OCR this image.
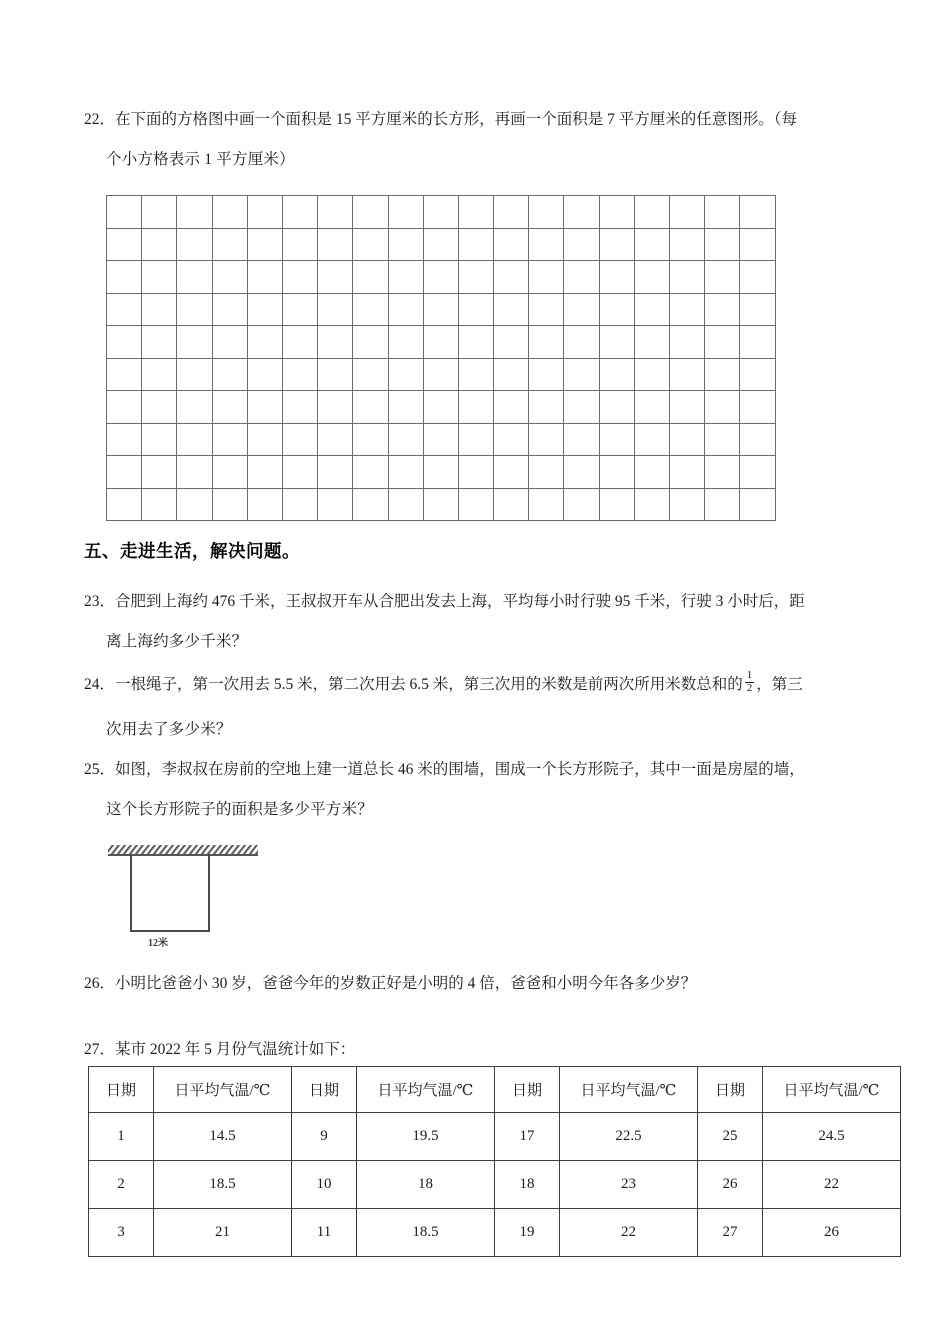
22．在下面的方格图中画一个面积是 15 平方厘米的长方形，再画一个面积是 7 平方厘米的任意图形。（每
个小方格表示 1 平方厘米）

五、走进生活，解决问题。
23．合肥到上海约 476 千米，王叔叔开车从合肥出发去上海，平均每小时行驶 95 千米，行驶 3 小时后，距
离上海约多少千米？
24．一根绳子，第一次用去 5.5 米，第二次用去 6.5 米，第三次用的米数是前两次所用米数总和的 $\frac{1}{2}$ ，第三
次用去了多少米？
25．如图，李叔叔在房前的空地上建一道总长 46 米的围墙，围成一个长方形院子，其中一面是房屋的墙，
这个长方形院子的面积是多少平方米？
12米
26．小明比爸爸小 30 岁，爸爸今年的岁数正好是小明的 4 倍，爸爸和小明今年各多少岁？
27．某市 2022 年 5 月份气温统计如下：
日期	日平均气温/℃	日期	日平均气温/℃	日期	日平均气温/℃	日期	日平均气温/℃
1	14.5	9	19.5	17	22.5	25	24.5
2	18.5	10	18	18	23	26	22
3	21	11	18.5	19	22	27	26
